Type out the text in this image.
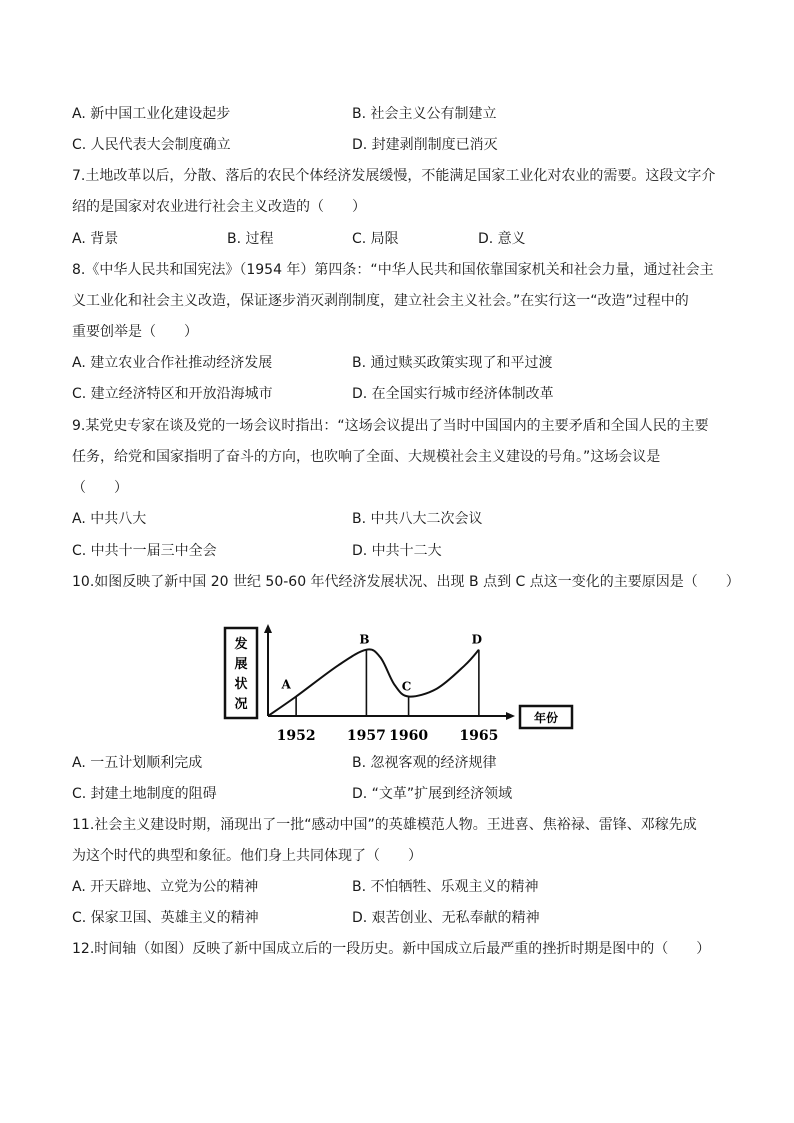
A. 新中国工业化建设起步	B. 社会主义公有制建立
C. 人民代表大会制度确立	D. 封建剥削制度已消灭
7.土地改革以后，分散、落后的农民个体经济发展缓慢，不能满足国家工业化对农业的需要。这段文字介
绍的是国家对农业进行社会主义改造的（　　）
A. 背景	B. 过程	C. 局限	D. 意义
8.《中华人民共和国宪法》（1954 年）第四条：“中华人民共和国依靠国家机关和社会力量，通过社会主
义工业化和社会主义改造，保证逐步消灭剥削制度，建立社会主义社会。”在实行这一“改造”过程中的
重要创举是（　　）
A. 建立农业合作社推动经济发展	B. 通过赎买政策实现了和平过渡
C. 建立经济特区和开放沿海城市	D. 在全国实行城市经济体制改革
9.某党史专家在谈及党的一场会议时指出：“这场会议提出了当时中国国内的主要矛盾和全国人民的主要
任务，给党和国家指明了奋斗的方向，也吹响了全面、大规模社会主义建设的号角。”这场会议是
（　　）
A. 中共八大	B. 中共八大二次会议
C. 中共十一届三中全会	D. 中共十二大
10.如图反映了新中国 20 世纪 50-60 年代经济发展状况、出现 B 点到 C 点这一变化的主要原因是（　　）
发
展
状
况
年份
A
B
C
D
1952 1957 1960 1965
A. 一五计划顺利完成	B. 忽视客观的经济规律
C. 封建土地制度的阻碍	D. “文革”扩展到经济领域
11.社会主义建设时期，涌现出了一批“感动中国”的英雄模范人物。王进喜、焦裕禄、雷锋、邓稼先成
为这个时代的典型和象征。他们身上共同体现了（　　）
A. 开天辟地、立党为公的精神	B. 不怕牺牲、乐观主义的精神
C. 保家卫国、英雄主义的精神	D. 艰苦创业、无私奉献的精神
12.时间轴（如图）反映了新中国成立后的一段历史。新中国成立后最严重的挫折时期是图中的（　　）
